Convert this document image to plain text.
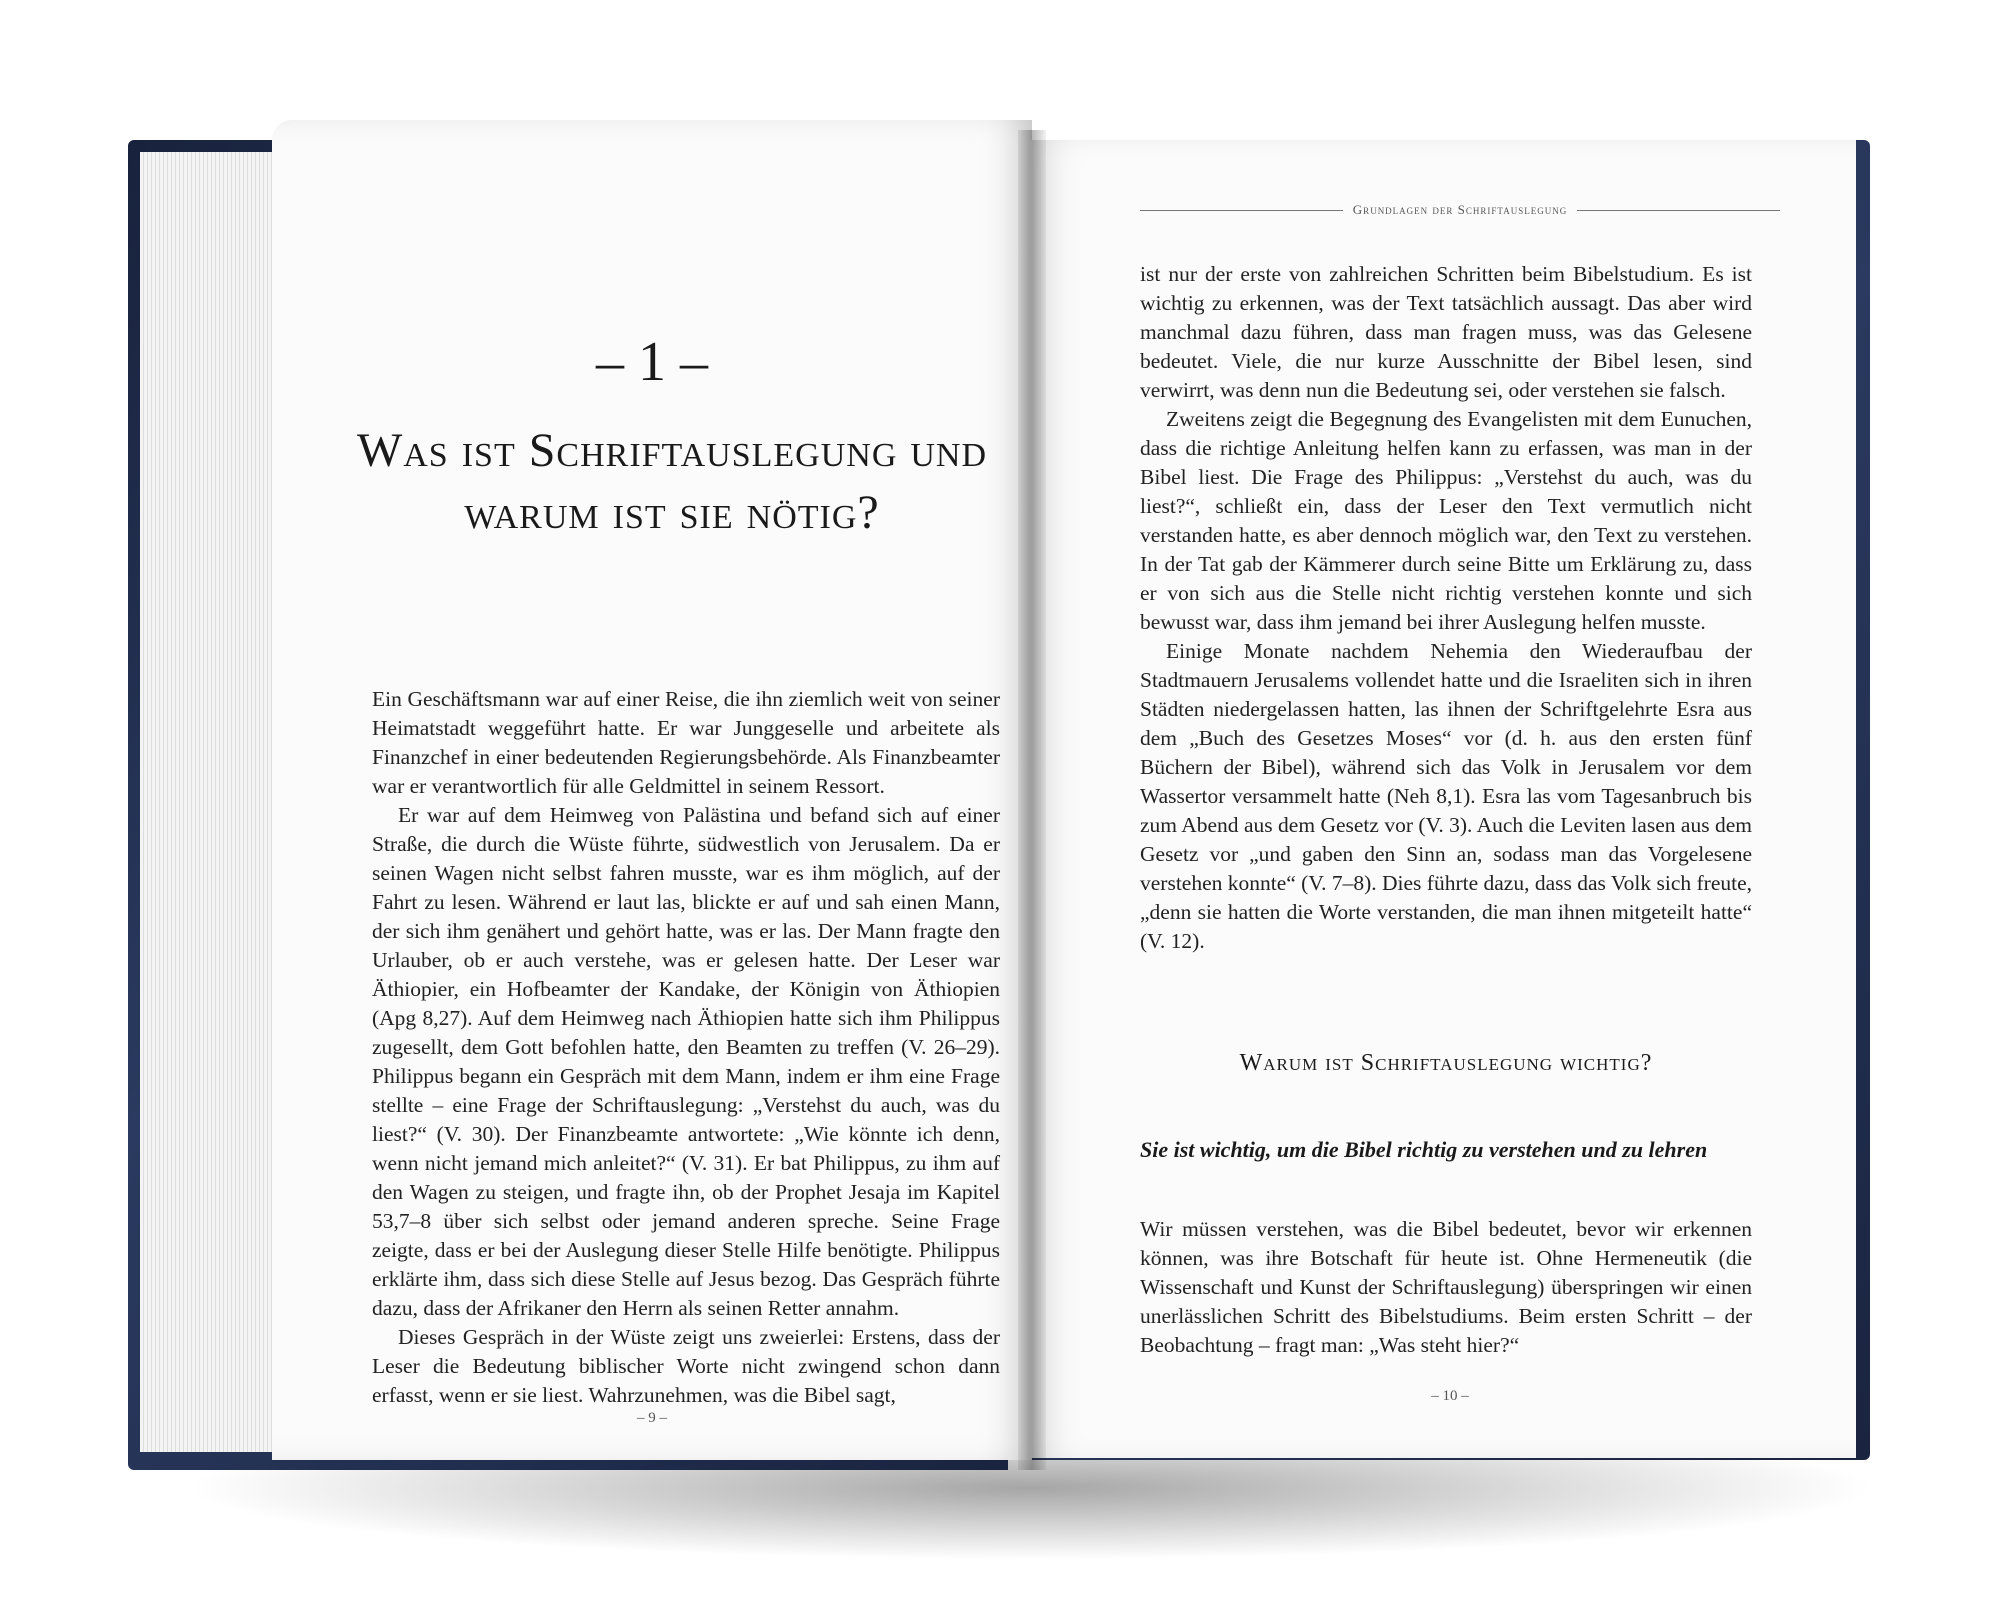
– 1 –
Was ist Schriftauslegung und warum ist sie nötig?

Ein Geschäftsmann war auf einer Reise, die ihn ziemlich weit von seiner Heimatstadt weggeführt hatte. Er war Junggeselle und arbeitete als Finanzchef in einer bedeutenden Regierungsbehörde. Als Finanzbeamter war er verantwortlich für alle Geldmittel in seinem Ressort.

Er war auf dem Heimweg von Palästina und befand sich auf einer Straße, die durch die Wüste führte, südwestlich von Jerusalem. Da er seinen Wagen nicht selbst fahren musste, war es ihm möglich, auf der Fahrt zu lesen. Während er laut las, blickte er auf und sah einen Mann, der sich ihm genähert und gehört hatte, was er las. Der Mann fragte den Urlauber, ob er auch verstehe, was er gelesen hatte. Der Leser war Äthiopier, ein Hofbeamter der Kandake, der Königin von Äthiopien (Apg 8,27). Auf dem Heimweg nach Äthiopien hatte sich ihm Philippus zugesellt, dem Gott befohlen hatte, den Beamten zu treffen (V. 26–29). Philippus begann ein Gespräch mit dem Mann, indem er ihm eine Frage stellte – eine Frage der Schriftauslegung: „Verstehst du auch, was du liest?“ (V. 30). Der Finanzbeamte antwortete: „Wie könnte ich denn, wenn nicht jemand mich anleitet?“ (V. 31). Er bat Philippus, zu ihm auf den Wagen zu steigen, und fragte ihn, ob der Prophet Jesaja im Kapitel 53,7–8 über sich selbst oder jemand anderen spreche. Seine Frage zeigte, dass er bei der Auslegung dieser Stelle Hilfe benötigte. Philippus erklärte ihm, dass sich diese Stelle auf Jesus bezog. Das Gespräch führte dazu, dass der Afrikaner den Herrn als seinen Retter annahm.

Dieses Gespräch in der Wüste zeigt uns zweierlei: Erstens, dass der Leser die Bedeutung biblischer Worte nicht zwingend schon dann erfasst, wenn er sie liest. Wahrzunehmen, was die Bibel sagt,

– 9 –
Grundlagen der Schriftauslegung

ist nur der erste von zahlreichen Schritten beim Bibelstudium. Es ist wichtig zu erkennen, was der Text tatsächlich aussagt. Das aber wird manchmal dazu führen, dass man fragen muss, was das Gelesene bedeutet. Viele, die nur kurze Ausschnitte der Bibel lesen, sind verwirrt, was denn nun die Bedeutung sei, oder verstehen sie falsch.

Zweitens zeigt die Begegnung des Evangelisten mit dem Eunuchen, dass die richtige Anleitung helfen kann zu erfassen, was man in der Bibel liest. Die Frage des Philippus: „Verstehst du auch, was du liest?“, schließt ein, dass der Leser den Text vermutlich nicht verstanden hatte, es aber dennoch möglich war, den Text zu verstehen. In der Tat gab der Kämmerer durch seine Bitte um Erklärung zu, dass er von sich aus die Stelle nicht richtig verstehen konnte und sich bewusst war, dass ihm jemand bei ihrer Auslegung helfen musste.

Einige Monate nachdem Nehemia den Wiederaufbau der Stadtmauern Jerusalems vollendet hatte und die Israeliten sich in ihren Städten niedergelassen hatten, las ihnen der Schriftgelehrte Esra aus dem „Buch des Gesetzes Moses“ vor (d. h. aus den ersten fünf Büchern der Bibel), während sich das Volk in Jerusalem vor dem Wassertor versammelt hatte (Neh 8,1). Esra las vom Tagesanbruch bis zum Abend aus dem Gesetz vor (V. 3). Auch die Leviten lasen aus dem Gesetz vor „und gaben den Sinn an, sodass man das Vorgelesene verstehen konnte“ (V. 7–8). Dies führte dazu, dass das Volk sich freute, „denn sie hatten die Worte verstanden, die man ihnen mitgeteilt hatte“ (V. 12).

Warum ist Schriftauslegung wichtig?
Sie ist wichtig, um die Bibel richtig zu verstehen und zu lehren

Wir müssen verstehen, was die Bibel bedeutet, bevor wir erkennen können, was ihre Botschaft für heute ist. Ohne Hermeneutik (die Wissenschaft und Kunst der Schriftauslegung) überspringen wir einen unerlässlichen Schritt des Bibelstudiums. Beim ersten Schritt – der Beobachtung – fragt man: „Was steht hier?“

– 10 –
